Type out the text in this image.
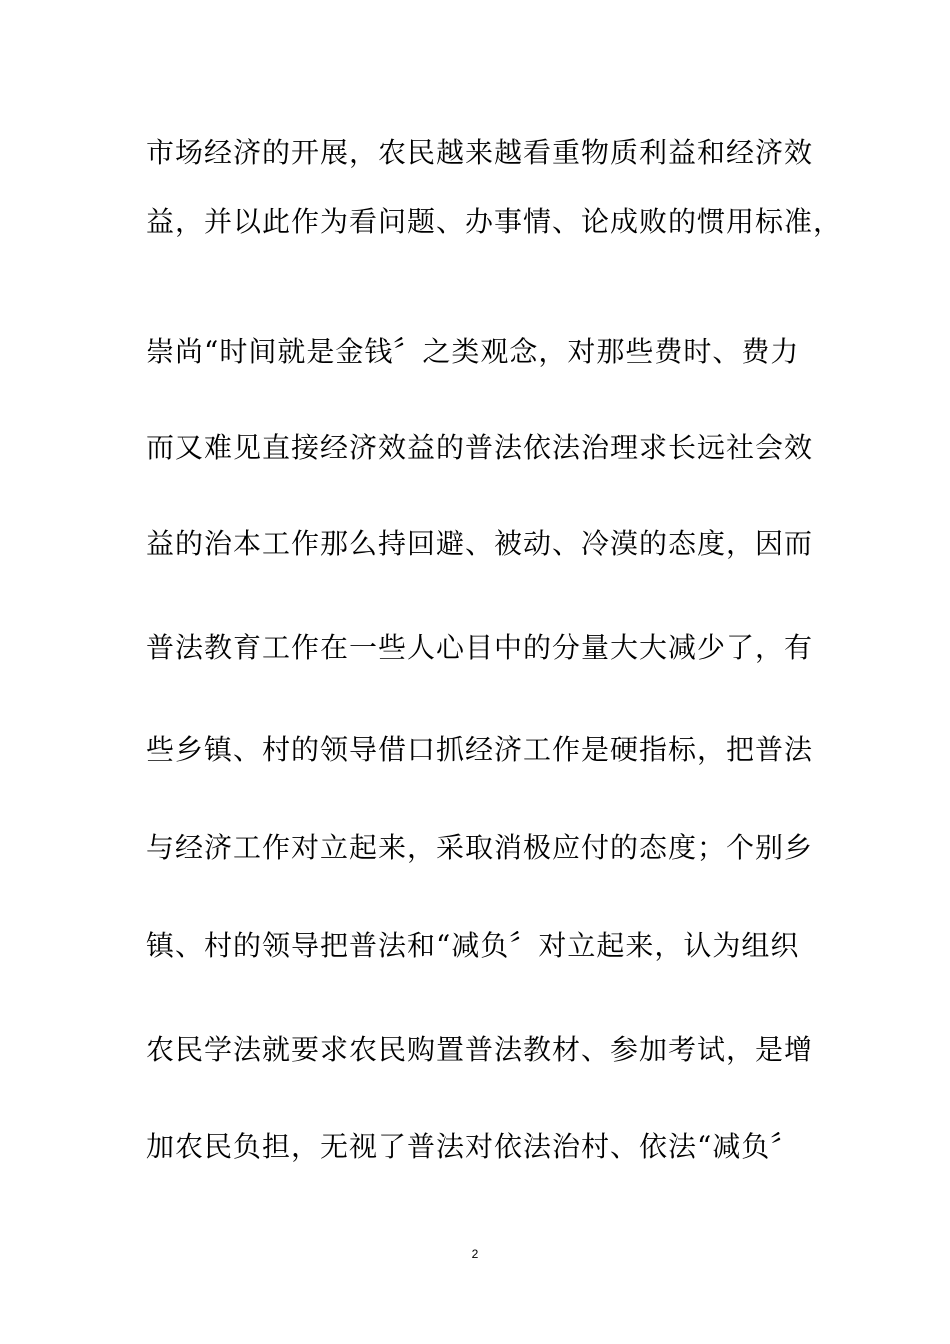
市场经济的开展，农民越来越看重物质利益和经济效
益，并以此作为看问题、办事情、论成败的惯用标准，
崇尚“时间就是金钱〞之类观念，对那些费时、费力
而又难见直接经济效益的普法依法治理求长远社会效
益的治本工作那么持回避、被动、冷漠的态度，因而
普法教育工作在一些人心目中的分量大大减少了，有
些乡镇、村的领导借口抓经济工作是硬指标，把普法
与经济工作对立起来，采取消极应付的态度；个别乡
镇、村的领导把普法和“减负〞对立起来，认为组织
农民学法就要求农民购置普法教材、参加考试，是增
加农民负担，无视了普法对依法治村、依法“减负〞
2
